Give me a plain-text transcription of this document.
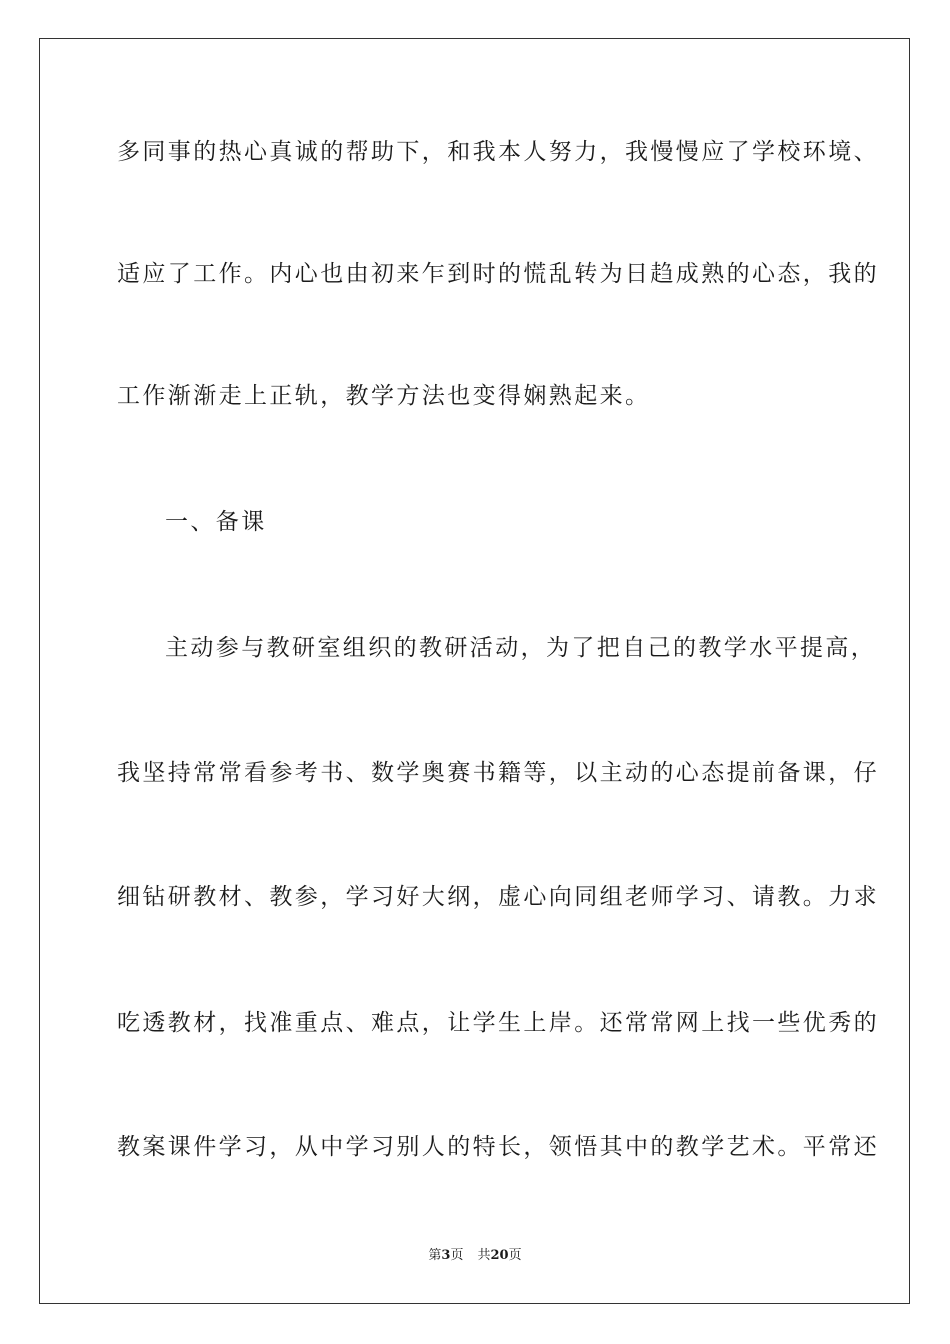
多同事的热心真诚的帮助下，和我本人努力，我慢慢应了学校环境、
适应了工作。内心也由初来乍到时的慌乱转为日趋成熟的心态，我的
工作渐渐走上正轨，教学方法也变得娴熟起来。
一、备课
主动参与教研室组织的教研活动，为了把自己的教学水平提高，
我坚持常常看参考书、数学奥赛书籍等，以主动的心态提前备课，仔
细钻研教材、教参，学习好大纲，虚心向同组老师学习、请教。力求
吃透教材，找准重点、难点，让学生上岸。还常常网上找一些优秀的
教案课件学习，从中学习别人的特长，领悟其中的教学艺术。平常还
第3页 共20页
